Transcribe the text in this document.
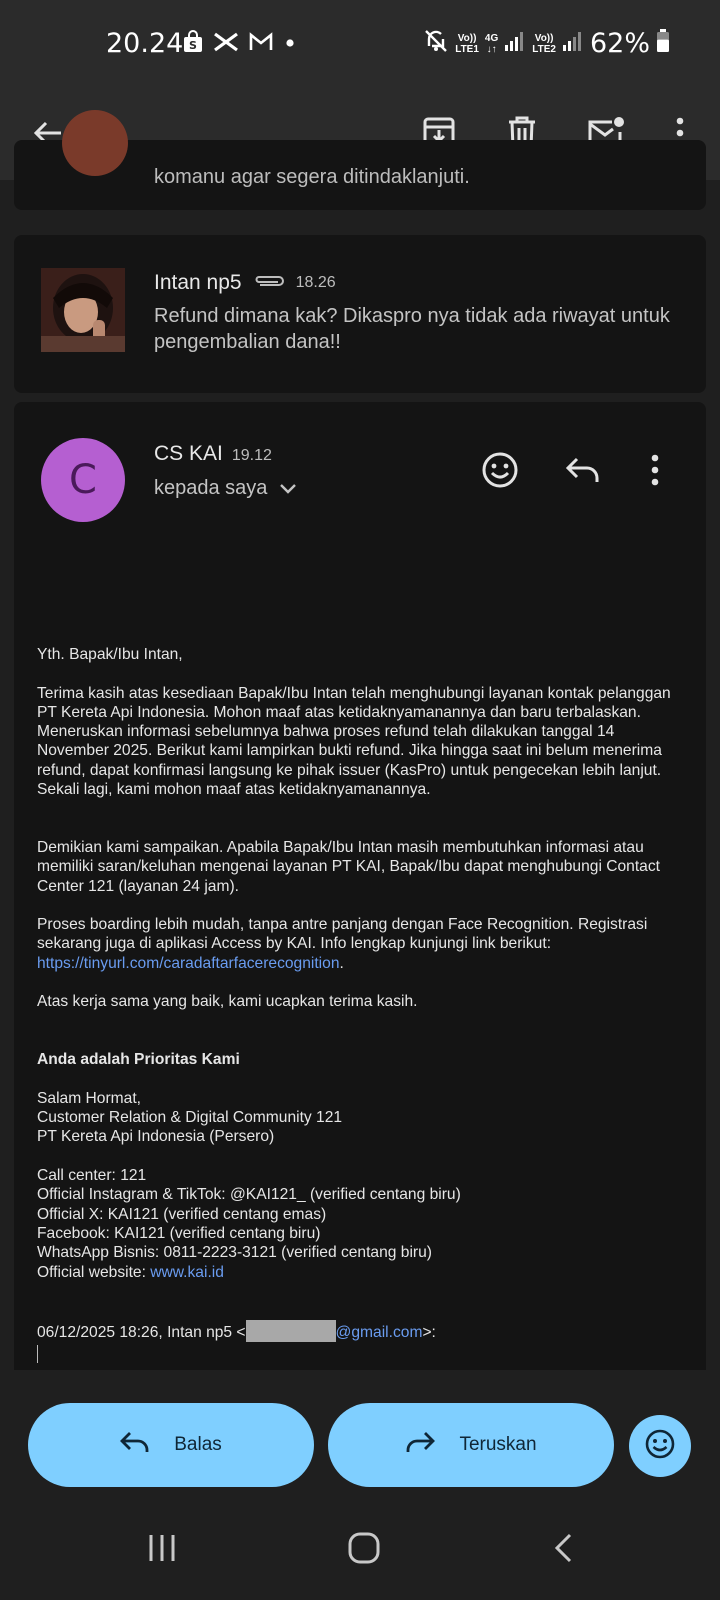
20.24 S
Vo))
LTE1
4G
↓↑
Vo))
LTE2 62%
komanu agar segera ditindaklanjuti.
Intan np5	18.26
Refund dimana kak? Dikaspro nya tidak ada riwayat untuk pengembalian dana!!
C
CS KAI 19.12
kepada saya

Yth. Bapak/Ibu Intan,

Terima kasih atas kesediaan Bapak/Ibu Intan telah menghubungi layanan kontak pelanggan
PT Kereta Api Indonesia. Mohon maaf atas ketidaknyamanannya dan baru terbalaskan.
Meneruskan informasi sebelumnya bahwa proses refund telah dilakukan tanggal 14
November 2025. Berikut kami lampirkan bukti refund. Jika hingga saat ini belum menerima
refund, dapat konfirmasi langsung ke pihak issuer (KasPro) untuk pengecekan lebih lanjut.
Sekali lagi, kami mohon maaf atas ketidaknyamanannya.

Demikian kami sampaikan. Apabila Bapak/Ibu Intan masih membutuhkan informasi atau
memiliki saran/keluhan mengenai layanan PT KAI, Bapak/Ibu dapat menghubungi Contact
Center 121 (layanan 24 jam).

Proses boarding lebih mudah, tanpa antre panjang dengan Face Recognition. Registrasi
sekarang juga di aplikasi Access by KAI. Info lengkap kunjungi link berikut:
https://tinyurl.com/caradaftarfacerecognition.

Atas kerja sama yang baik, kami ucapkan terima kasih.

Anda adalah Prioritas Kami

Salam Hormat,
Customer Relation & Digital Community 121
PT Kereta Api Indonesia (Persero)

Call center: 121
Official Instagram & TikTok: @KAI121_ (verified centang biru)
Official X: KAI121 (verified centang emas)
Facebook: KAI121 (verified centang biru)
WhatsApp Bisnis: 0811-2223-3121 (verified centang biru)
Official website: www.kai.id

06/12/2025 18:26, Intan np5 <	@gmail.com>:
Balas	Teruskan
